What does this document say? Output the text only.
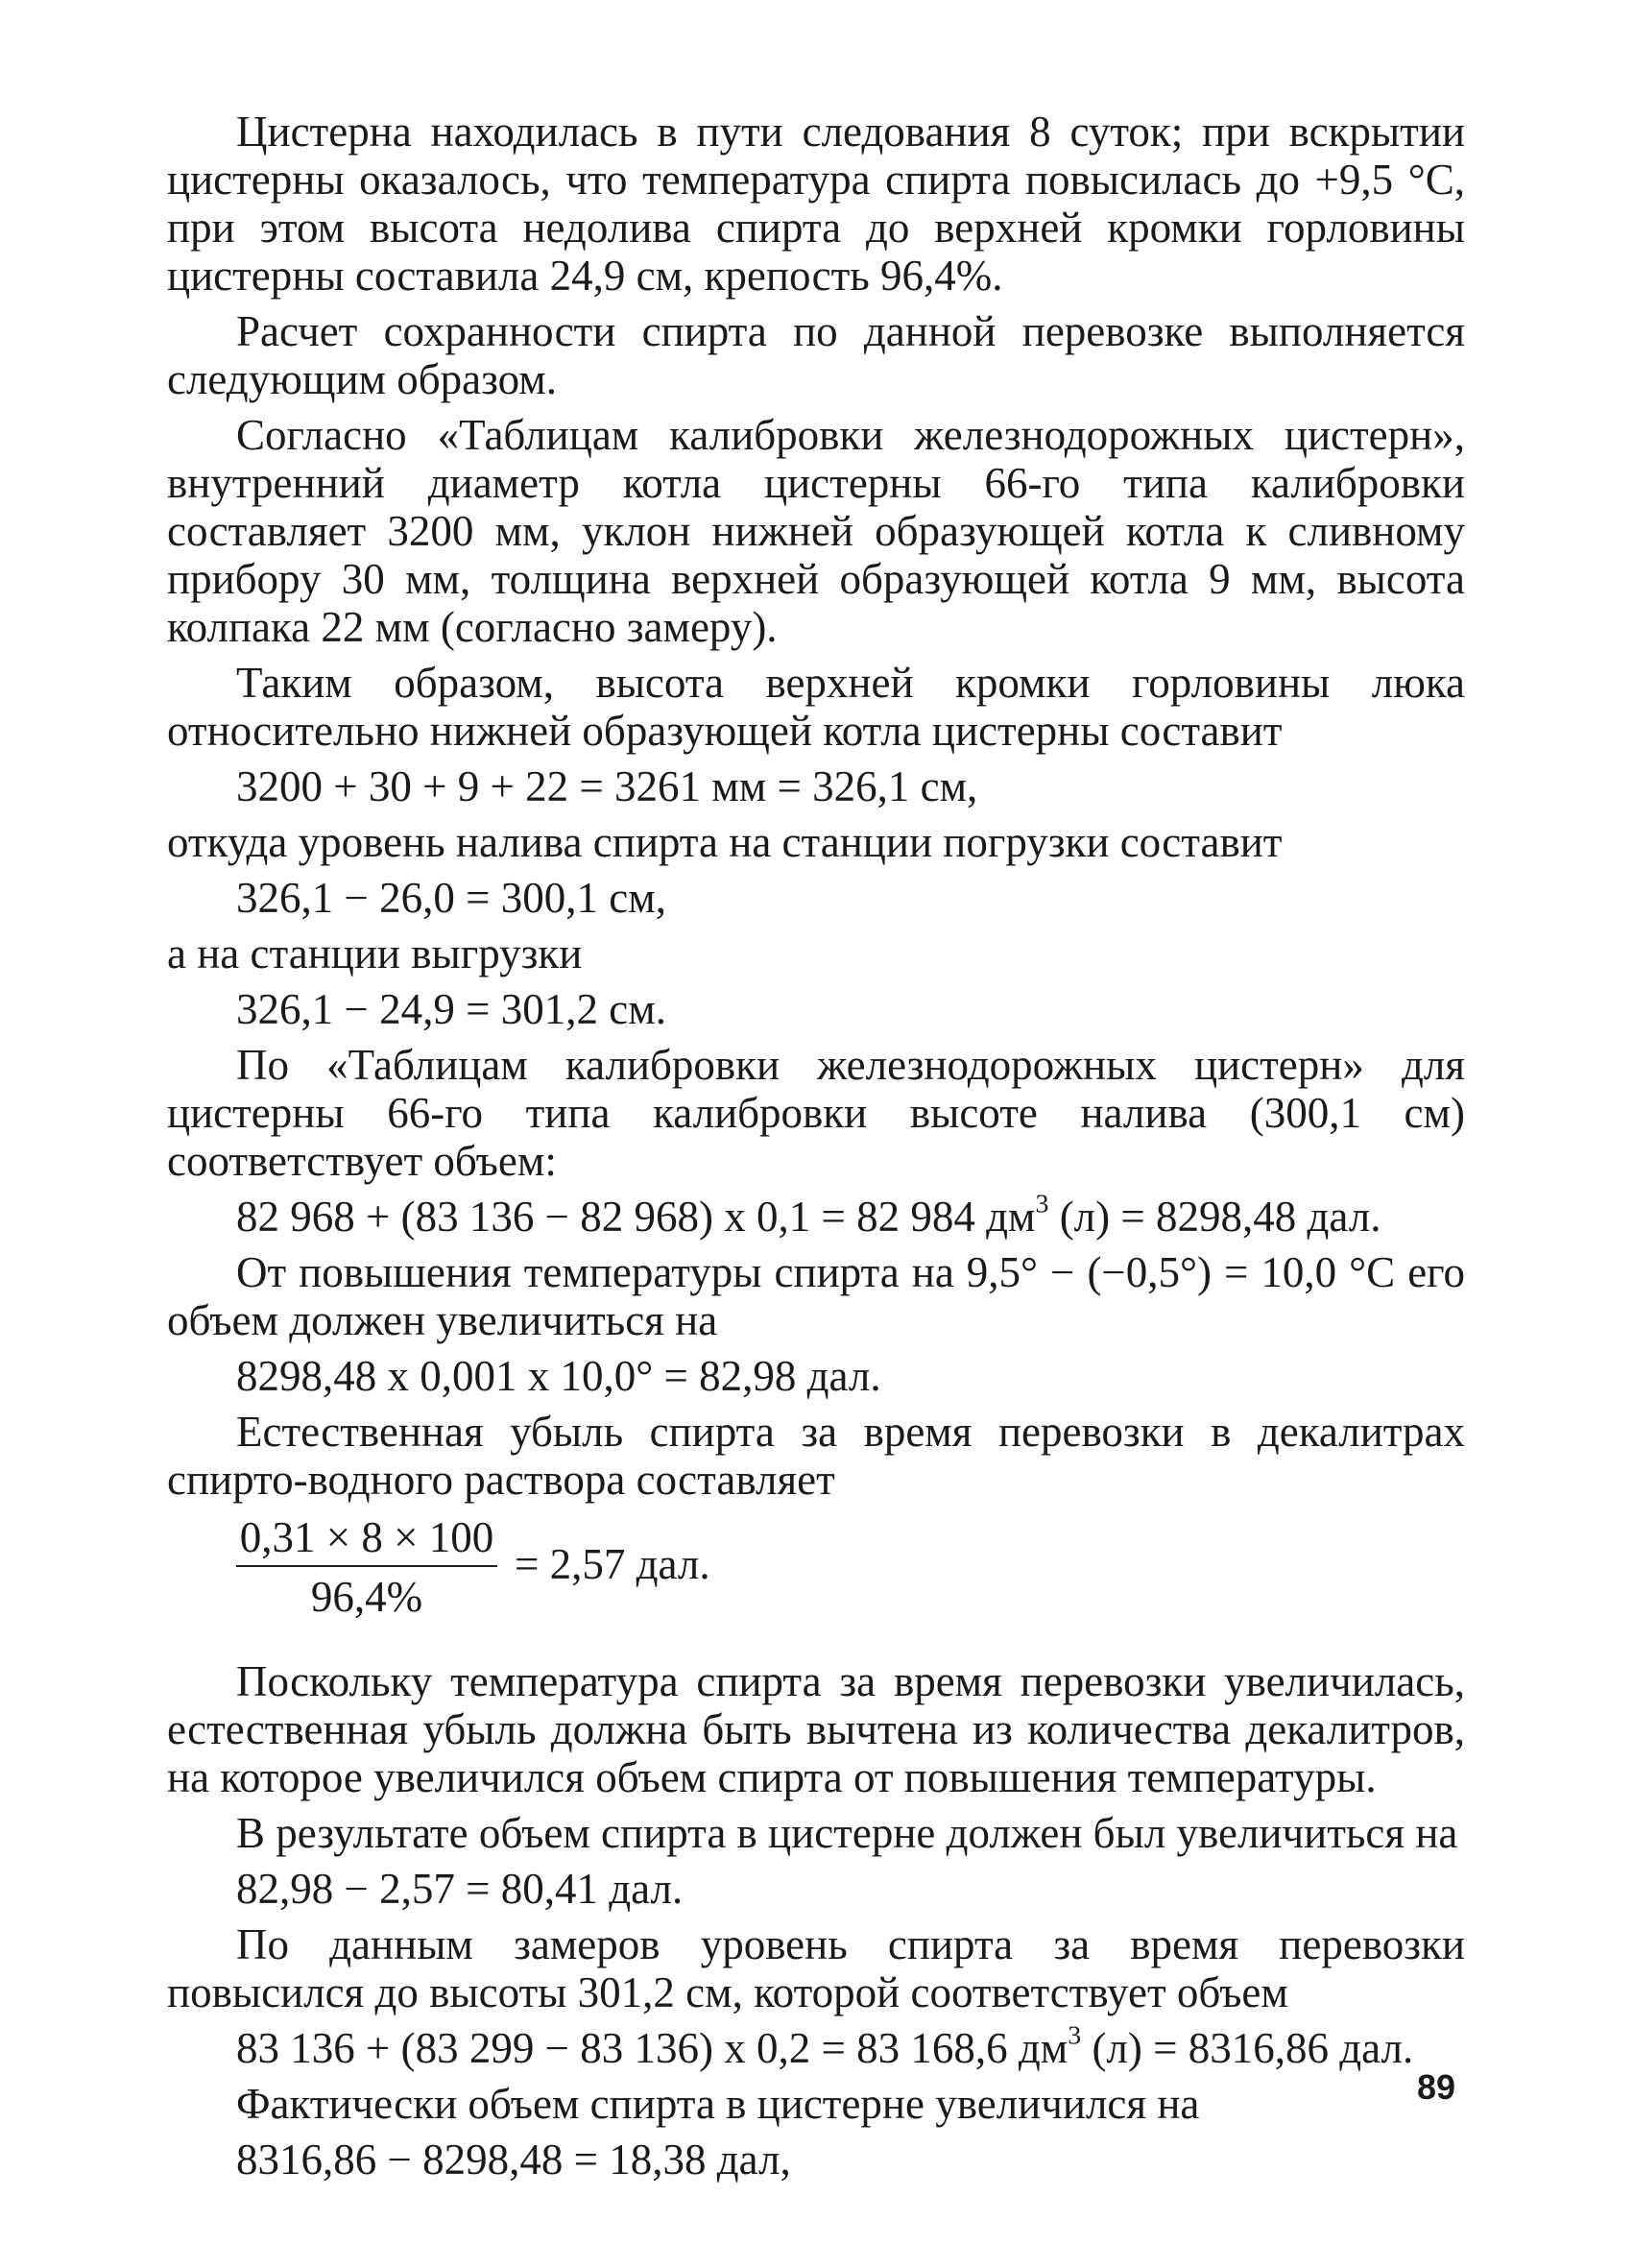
Цистерна находилась в пути следования 8 суток; при вскрытии цистерны оказалось, что температура спирта повысилась до +9,5 °С, при этом высота недолива спирта до верхней кромки горловины цистерны составила 24,9 см, крепость 96,4%.

Расчет сохранности спирта по данной перевозке выполняется следующим образом.

Согласно «Таблицам калибровки железнодорожных цистерн», внутренний диаметр котла цистерны 66-го типа калибровки составляет 3200 мм, уклон нижней образующей котла к сливному прибору 30 мм, толщина верхней образующей котла 9 мм, высота колпака 22 мм (согласно замеру).

Таким образом, высота верхней кромки горловины люка относительно нижней образующей котла цистерны составит

3200 + 30 + 9 + 22 = 3261 мм = 326,1 см,

откуда уровень налива спирта на станции погрузки составит

326,1 − 26,0 = 300,1 см,

а на станции выгрузки

326,1 − 24,9 = 301,2 см.

По «Таблицам калибровки железнодорожных цистерн» для цистерны 66-го типа калибровки высоте налива (300,1 см) соответствует объем:

82 968 + (83 136 − 82 968) х 0,1 = 82 984 $дм^3$ (л) = 8298,48 дал.

От повышения температуры спирта на 9,5° − (−0,5°) = 10,0 °С его объем должен увеличиться на

8298,48 х 0,001 х 10,0° = 82,98 дал.

Естественная убыль спирта за время перевозки в декалитрах спирто-водного раствора составляет

0,31 × 8 × 100
96,4%
= 2,57 дал.

Поскольку температура спирта за время перевозки увеличилась, естественная убыль должна быть вычтена из количества декалитров, на которое увеличился объем спирта от повышения температуры.

В результате объем спирта в цистерне должен был увеличиться на

82,98 − 2,57 = 80,41 дал.

По данным замеров уровень спирта за время перевозки повысился до высоты 301,2 см, которой соответствует объем

83 136 + (83 299 − 83 136) х 0,2 = 83 168,6 $дм^3$ (л) = 8316,86 дал.

Фактически объем спирта в цистерне увеличился на

8316,86 − 8298,48 = 18,38 дал,
89
